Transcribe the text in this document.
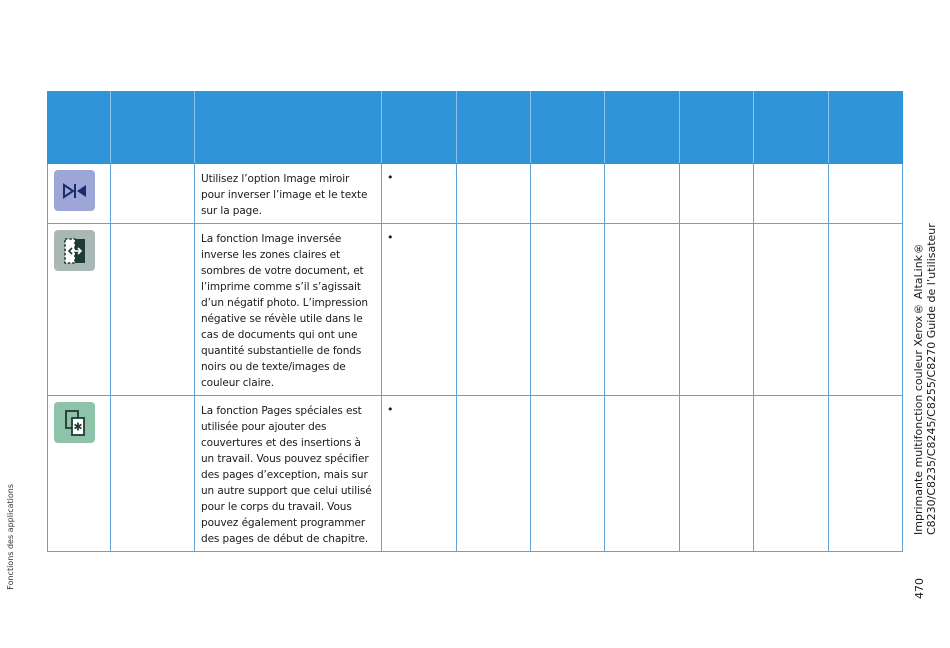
		Utilisez l’option Image miroir pour inverser l’image et le texte sur la page.	•						

		La fonction Image inversée inverse les zones claires et sombres de votre document, et l’imprime comme s’il s’agissait d’un négatif photo. L’impression négative se révèle utile dans le cas de documents qui ont une quantité substantielle de fonds noirs ou de texte/images de couleur claire.	•						

✱		La fonction Pages spéciales est utilisée pour ajouter des couvertures et des insertions à un travail. Vous pouvez spécifier des pages d’exception, mais sur un autre support que celui utilisé pour le corps du travail. Vous pouvez également programmer des pages de début de chapitre.	•						

		Imprimante multifonction couleur Xerox® AltaLink® C8230/C8235/C8245/C8255/C8270 Guide de l’utilisateur
470
Fonctions des applications
